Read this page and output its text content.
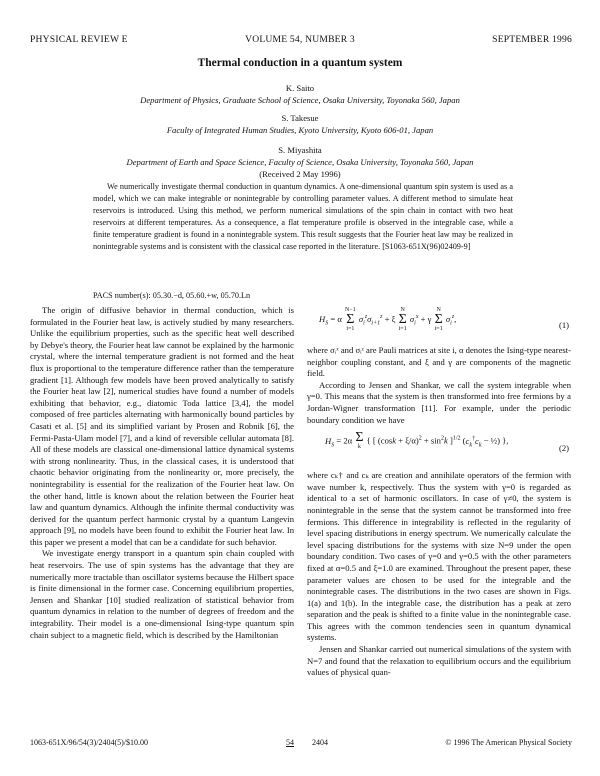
PHYSICAL REVIEW E	VOLUME 54, NUMBER 3	SEPTEMBER 1996
Thermal conduction in a quantum system
K. Saito
Department of Physics, Graduate School of Science, Osaka University, Toyonaka 560, Japan
S. Takesue
Faculty of Integrated Human Studies, Kyoto University, Kyoto 606-01, Japan
S. Miyashita
Department of Earth and Space Science, Faculty of Science, Osaka University, Toyonaka 560, Japan
(Received 2 May 1996)

We numerically investigate thermal conduction in quantum dynamics. A one-dimensional quantum spin system is used as a model, which we can make integrable or nonintegrable by controlling parameter values. A different method to simulate heat reservoirs is introduced. Using this method, we perform numerical simulations of the spin chain in contact with two heat reservoirs at different temperatures. As a consequence, a flat temperature profile is observed in the integrable case, while a finite temperature gradient is found in a nonintegrable system. This result suggests that the Fourier heat law may be realized in nonintegrable systems and is consistent with the classical case reported in the literature. [S1063-651X(96)02409-9]

PACS number(s): 05.30.−d, 05.60.+w, 05.70.Ln

The origin of diffusive behavior in thermal conduction, which is formulated in the Fourier heat law, is actively studied by many researchers. Unlike the equilibrium properties, such as the specific heat well described by Debye's theory, the Fourier heat law cannot be explained by the harmonic crystal, where the internal temperature gradient is not formed and the heat flux is proportional to the temperature difference rather than the temperature gradient [1]. Although few models have been proved analytically to satisfy the Fourier heat law [2], numerical studies have found a number of models exhibiting that behavior, e.g., diatomic Toda lattice [3,4], the model composed of free particles alternating with harmonically bound particles by Casati et al. [5] and its simplified variant by Prosen and Robnik [6], the Fermi-Pasta-Ulam model [7], and a kind of reversible cellular automata [8]. All of these models are classical one-dimensional lattice dynamical systems with strong nonlinearity. Thus, in the classical cases, it is understood that chaotic behavior originating from the nonlinearity or, more precisely, the nonintegrability is essential for the realization of the Fourier heat law. On the other hand, little is known about the relation between the Fourier heat law and quantum dynamics. Although the infinite thermal conductivity was derived for the quantum perfect harmonic crystal by a quantum Langevin approach [9], no models have been found to exhibit the Fourier heat law. In this paper we present a model that can be a candidate for such behavior.

We investigate energy transport in a quantum spin chain coupled with heat reservoirs. The use of spin systems has the advantage that they are numerically more tractable than oscillator systems because the Hilbert space is finite dimensional in the former case. Concerning equilibrium properties, Jensen and Shankar [10] studied realization of statistical behavior from quantum dynamics in relation to the number of degrees of freedom and the integrability. Their model is a one-dimensional Ising-type quantum spin chain subject to a magnetic field, which is described by the Hamiltonian

$H_S = \alpha$ N−1
Σ
i=1 $\sigma_i^z\sigma_{i+1}^z + \xi$ N
Σ
i=1 $\sigma_i^x + \gamma$ N
Σ
i=1 $\sigma_i^z$,
(1)

where σᵢˣ and σᵢᶻ are Pauli matrices at site i, α denotes the Ising-type nearest-neighbor coupling constant, and ξ and γ are components of the magnetic field.

According to Jensen and Shankar, we call the system integrable when γ=0. This means that the system is then transformed into free fermions by a Jordan-Wigner transformation [11]. For example, under the periodic boundary condition we have

$H_S = 2\alpha$ Σ
k { [ $(\cos k + \xi/\alpha)^2 + \sin^2k$ ]$^{1/2}$ ($c_k^\dagger c_k$ − ½) },
(2)

where cₖ† and cₖ are creation and annihilate operators of the fermion with wave number k, respectively. Thus the system with γ=0 is regarded as identical to a set of harmonic oscillators. In case of γ≠0, the system is nonintegrable in the sense that the system cannot be transformed into free fermions. This difference in integrability is reflected in the regularity of level spacing distributions in energy spectrum. We numerically calculate the level spacing distributions for the systems with size N=9 under the open boundary condition. Two cases of γ=0 and γ=0.5 with the other parameters fixed at α=0.5 and ξ=1.0 are examined. Throughout the present paper, these parameter values are chosen to be used for the integrable and the nonintegrable cases. The distributions in the two cases are shown in Figs. 1(a) and 1(b). In the integrable case, the distribution has a peak at zero separation and the peak is shifted to a finite value in the nonintegrable case. This agrees with the common tendencies seen in quantum dynamical systems.

Jensen and Shankar carried out numerical simulations of the system with N=7 and found that the relaxation to equilibrium occurs and the equilibrium values of physical quan-

1063-651X/96/54(3)/2404(5)/$10.00	54 2404	© 1996 The American Physical Society
